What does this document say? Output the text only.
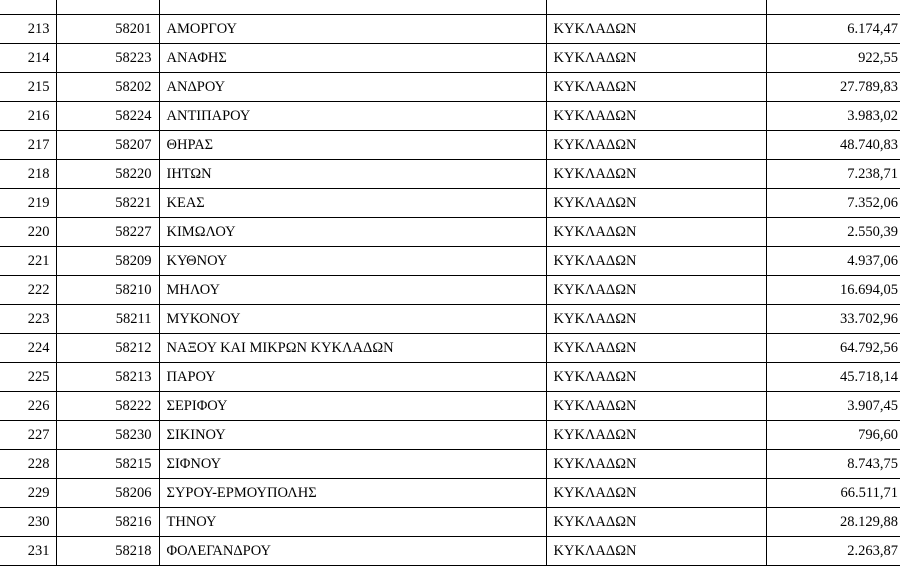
213	58201	ΑΜΟΡΓΟΥ	ΚΥΚΛΑΔΩΝ	6.174,47
214	58223	ΑΝΑΦΗΣ	ΚΥΚΛΑΔΩΝ	922,55
215	58202	ΑΝΔΡΟΥ	ΚΥΚΛΑΔΩΝ	27.789,83
216	58224	ΑΝΤΙΠΑΡΟΥ	ΚΥΚΛΑΔΩΝ	3.983,02
217	58207	ΘΗΡΑΣ	ΚΥΚΛΑΔΩΝ	48.740,83
218	58220	ΙΗΤΩΝ	ΚΥΚΛΑΔΩΝ	7.238,71
219	58221	ΚΕΑΣ	ΚΥΚΛΑΔΩΝ	7.352,06
220	58227	ΚΙΜΩΛΟΥ	ΚΥΚΛΑΔΩΝ	2.550,39
221	58209	ΚΥΘΝΟΥ	ΚΥΚΛΑΔΩΝ	4.937,06
222	58210	ΜΗΛΟΥ	ΚΥΚΛΑΔΩΝ	16.694,05
223	58211	ΜΥΚΟΝΟΥ	ΚΥΚΛΑΔΩΝ	33.702,96
224	58212	ΝΑΞΟΥ ΚΑΙ ΜΙΚΡΩΝ ΚΥΚΛΑΔΩΝ	ΚΥΚΛΑΔΩΝ	64.792,56
225	58213	ΠΑΡΟΥ	ΚΥΚΛΑΔΩΝ	45.718,14
226	58222	ΣΕΡΙΦΟΥ	ΚΥΚΛΑΔΩΝ	3.907,45
227	58230	ΣΙΚΙΝΟΥ	ΚΥΚΛΑΔΩΝ	796,60
228	58215	ΣΙΦΝΟΥ	ΚΥΚΛΑΔΩΝ	8.743,75
229	58206	ΣΥΡΟΥ-ΕΡΜΟΥΠΟΛΗΣ	ΚΥΚΛΑΔΩΝ	66.511,71
230	58216	ΤΗΝΟΥ	ΚΥΚΛΑΔΩΝ	28.129,88
231	58218	ΦΟΛΕΓΑΝΔΡΟΥ	ΚΥΚΛΑΔΩΝ	2.263,87
